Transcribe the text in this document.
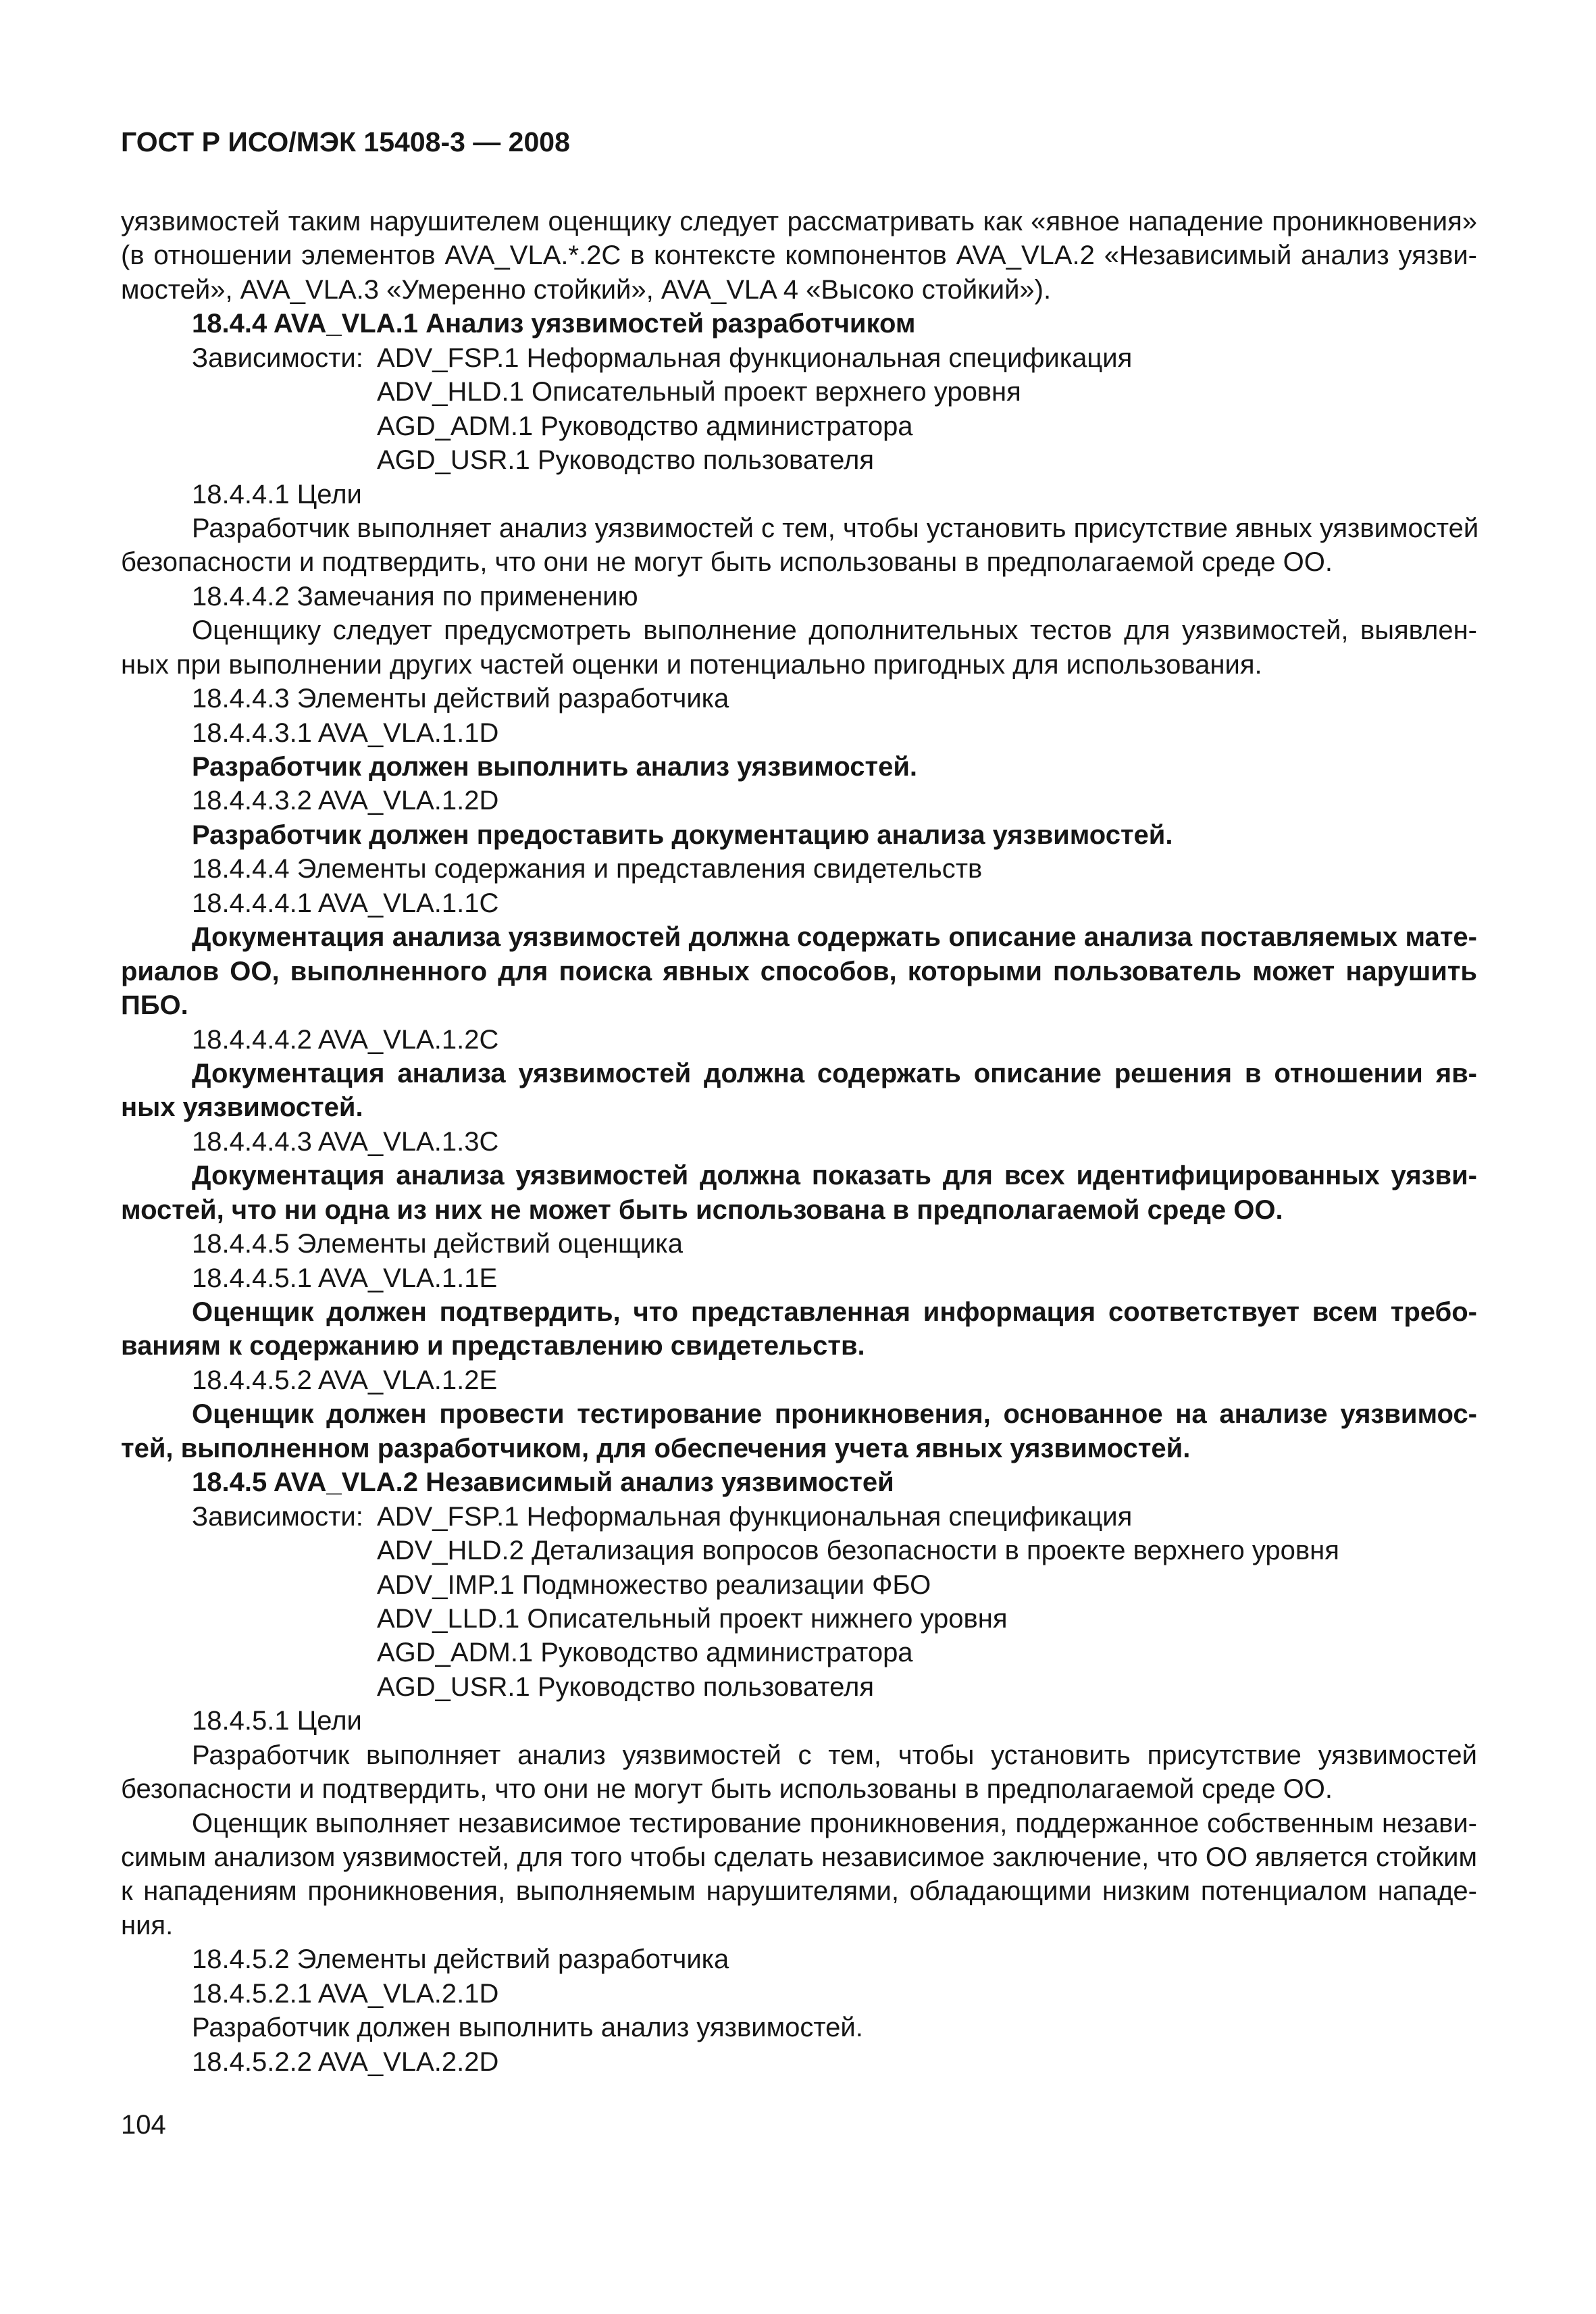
ГОСТ Р ИСО/МЭК 15408-3 — 2008
уязвимостей таким нарушителем оценщику следует рассматривать как «явное нападение проникновения»
(в отношении элементов AVA_VLA.*.2C в контексте компонентов AVA_VLA.2 «Независимый анализ уязви-
мостей», AVA_VLA.3 «Умеренно стойкий», AVA_VLA 4 «Высоко стойкий»).
18.4.4 AVA_VLA.1 Анализ уязвимостей разработчиком
Зависимости: ADV_FSP.1 Неформальная функциональная спецификация
ADV_HLD.1 Описательный проект верхнего уровня
AGD_ADM.1 Руководство администратора
AGD_USR.1 Руководство пользователя
18.4.4.1 Цели
Разработчик выполняет анализ уязвимостей с тем, чтобы установить присутствие явных уязвимостей
безопасности и подтвердить, что они не могут быть использованы в предполагаемой среде ОО.
18.4.4.2 Замечания по применению
Оценщику следует предусмотреть выполнение дополнительных тестов для уязвимостей, выявлен-
ных при выполнении других частей оценки и потенциально пригодных для использования.
18.4.4.3 Элементы действий разработчика
18.4.4.3.1 AVA_VLA.1.1D
Разработчик должен выполнить анализ уязвимостей.
18.4.4.3.2 AVA_VLA.1.2D
Разработчик должен предоставить документацию анализа уязвимостей.
18.4.4.4 Элементы содержания и представления свидетельств
18.4.4.4.1 AVA_VLA.1.1C
Документация анализа уязвимостей должна содержать описание анализа поставляемых мате-
риалов ОО, выполненного для поиска явных способов, которыми пользователь может нарушить
ПБО.
18.4.4.4.2 AVA_VLA.1.2C
Документация анализа уязвимостей должна содержать описание решения в отношении яв-
ных уязвимостей.
18.4.4.4.3 AVA_VLA.1.3C
Документация анализа уязвимостей должна показать для всех идентифицированных уязви-
мостей, что ни одна из них не может быть использована в предполагаемой среде ОО.
18.4.4.5 Элементы действий оценщика
18.4.4.5.1 AVA_VLA.1.1E
Оценщик должен подтвердить, что представленная информация соответствует всем требо-
ваниям к содержанию и представлению свидетельств.
18.4.4.5.2 AVA_VLA.1.2E
Оценщик должен провести тестирование проникновения, основанное на анализе уязвимос-
тей, выполненном разработчиком, для обеспечения учета явных уязвимостей.
18.4.5 AVA_VLA.2 Независимый анализ уязвимостей
Зависимости: ADV_FSP.1 Неформальная функциональная спецификация
ADV_HLD.2 Детализация вопросов безопасности в проекте верхнего уровня
ADV_IMP.1 Подмножество реализации ФБО
ADV_LLD.1 Описательный проект нижнего уровня
AGD_ADM.1 Руководство администратора
AGD_USR.1 Руководство пользователя
18.4.5.1 Цели
Разработчик выполняет анализ уязвимостей с тем, чтобы установить присутствие уязвимостей
безопасности и подтвердить, что они не могут быть использованы в предполагаемой среде ОО.
Оценщик выполняет независимое тестирование проникновения, поддержанное собственным незави-
симым анализом уязвимостей, для того чтобы сделать независимое заключение, что ОО является стойким
к нападениям проникновения, выполняемым нарушителями, обладающими низким потенциалом нападе-
ния.
18.4.5.2 Элементы действий разработчика
18.4.5.2.1 AVA_VLA.2.1D
Разработчик должен выполнить анализ уязвимостей.
18.4.5.2.2 AVA_VLA.2.2D
104
